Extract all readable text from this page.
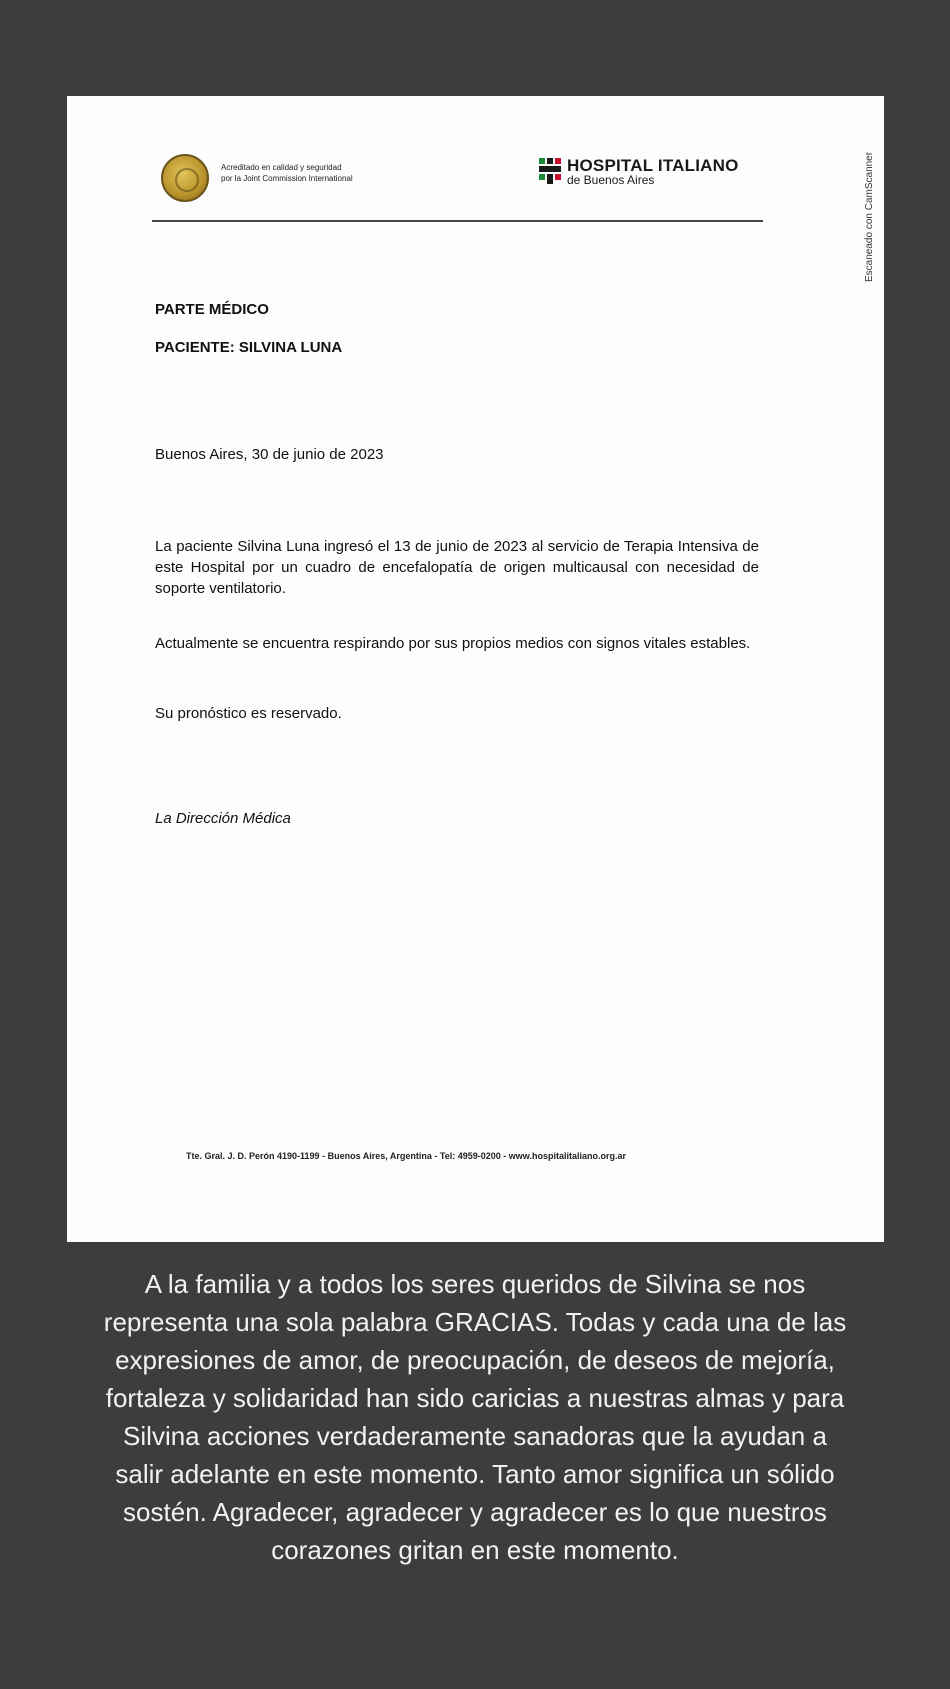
Acreditado en calidad y seguridad
por la Joint Commission International
HOSPITAL ITALIANO
de Buenos Aires	Escaneado con CamScanner
PARTE MÉDICO
PACIENTE: SILVINA LUNA
Buenos Aires, 30 de junio de 2023
La paciente Silvina Luna ingresó el 13 de junio de 2023 al servicio de Terapia Intensiva de este Hospital por un cuadro de encefalopatía de origen multicausal con necesidad de soporte ventilatorio.
Actualmente se encuentra respirando por sus propios medios con signos vitales estables.
Su pronóstico es reservado.
La Dirección Médica
Tte. Gral. J. D. Perón 4190-1199 - Buenos Aires, Argentina - Tel: 4959-0200 - www.hospitalitaliano.org.ar
A la familia y a todos los seres queridos de Silvina se nos
representa una sola palabra GRACIAS. Todas y cada una de las
expresiones de amor, de preocupación, de deseos de mejoría,
fortaleza y solidaridad han sido caricias a nuestras almas y para
Silvina acciones verdaderamente sanadoras que la ayudan a
salir adelante en este momento. Tanto amor significa un sólido
sostén. Agradecer, agradecer y agradecer es lo que nuestros
corazones gritan en este momento.
